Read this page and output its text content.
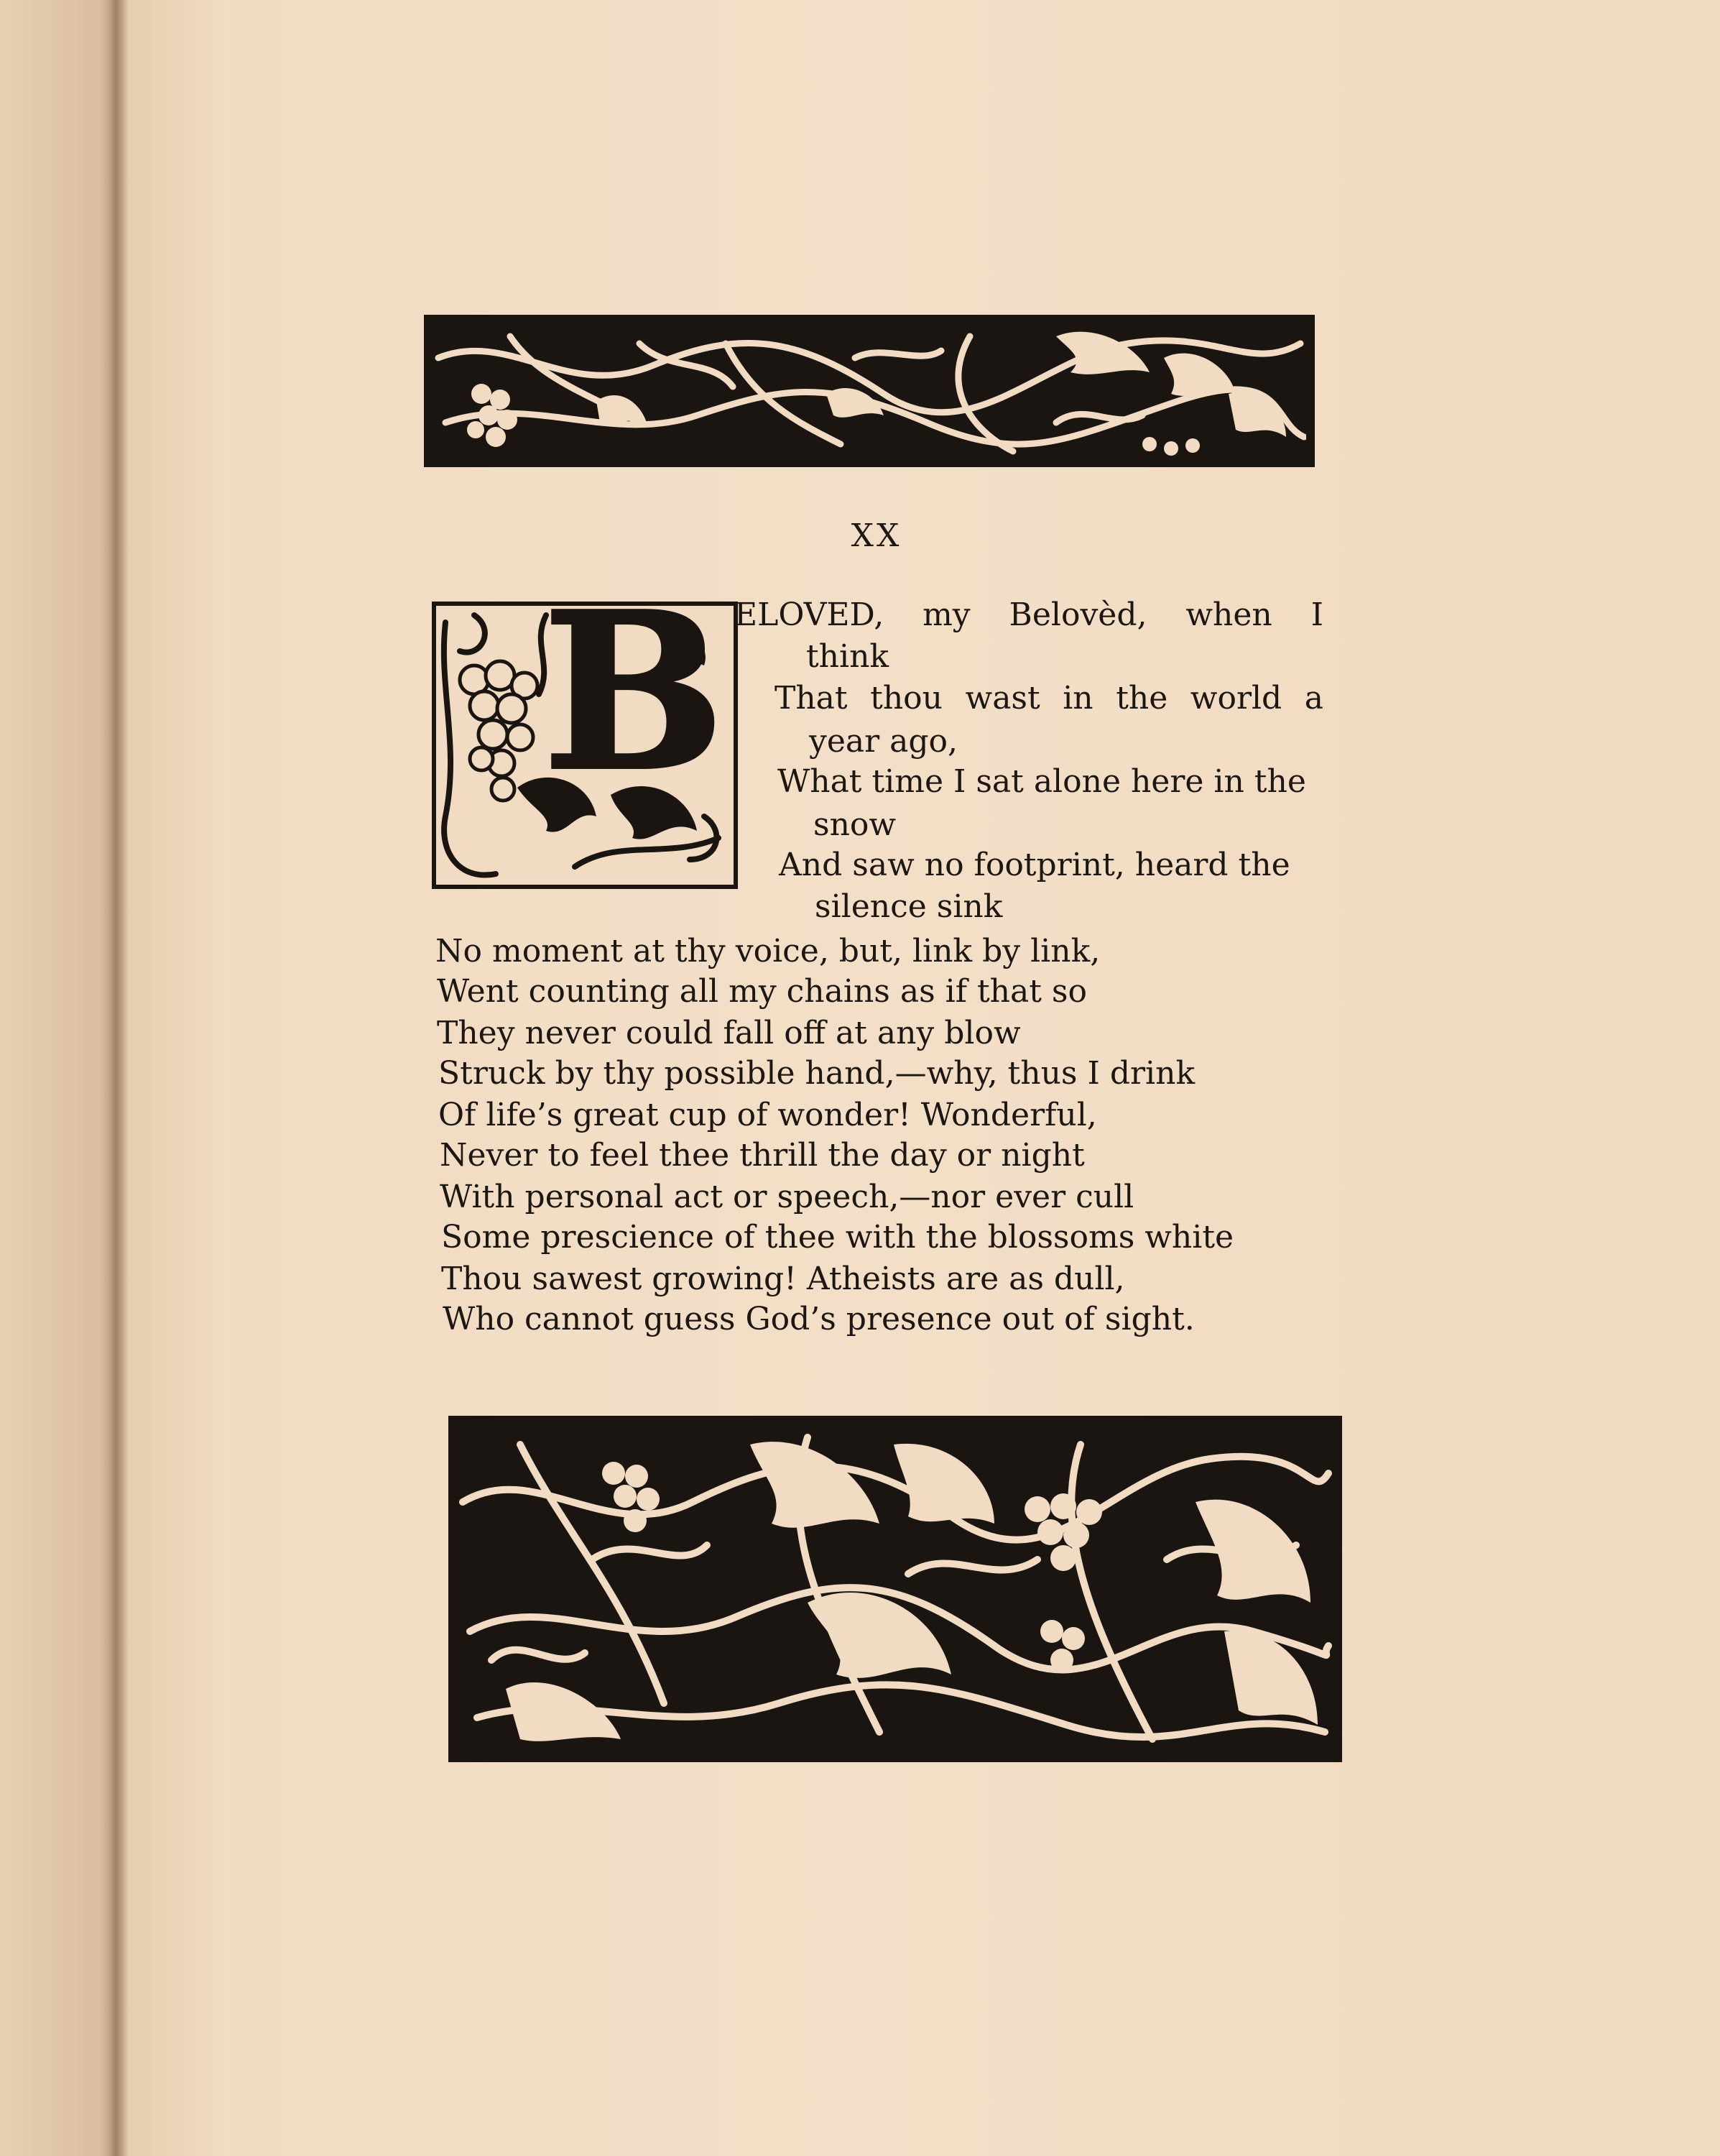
XX
B ELOVED, my Belovèd, when I
think
That thou wast in the world a
year ago,
What time I sat alone here in the
snow
And saw no footprint, heard the
silence sink
No moment at thy voice, but, link by link,
Went counting all my chains as if that so
They never could fall off at any blow
Struck by thy possible hand,—why, thus I drink
Of life’s great cup of wonder! Wonderful,
Never to feel thee thrill the day or night
With personal act or speech,—nor ever cull
Some prescience of thee with the blossoms white
Thou sawest growing! Atheists are as dull,
Who cannot guess God’s presence out of sight.
